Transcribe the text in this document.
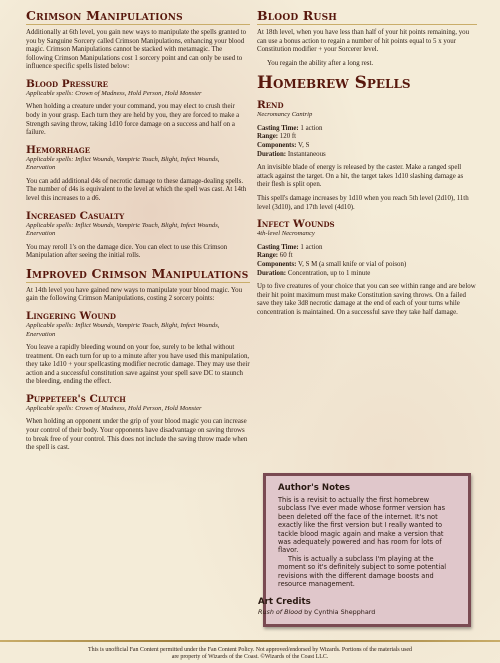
Crimson Manipulations

Additionally at 6th level, you gain new ways to manipulate the spells granted to you by Sanguine Sorcery called Crimson Manipulations, enhancing your blood magic. Crimson Manipulations cannot be stacked with metamagic. The following Crimson Manipulations cost 1 sorcery point and can only be used to influence specific spells listed below:

Blood Pressure
Applicable spells: Crown of Madness, Hold Person, Hold Monster

When holding a creature under your command, you may elect to crush their body in your grasp. Each turn they are held by you, they are forced to make a Strength saving throw, taking 1d10 force damage on a success and half on a failure.

Hemorrhage
Applicable spells: Inflict Wounds, Vampiric Touch, Blight, Infect Wounds, Enervation

You can add additional d4s of necrotic damage to these damage-dealing spells. The number of d4s is equivalent to the level at which the spell was cast. At 14th level this increases to a d6.

Increased Casualty
Applicable spells: Inflict Wounds, Vampiric Touch, Blight, Infect Wounds, Enervation

You may reroll 1's on the damage dice. You can elect to use this Crimson Manipulation after seeing the initial rolls.

Improved Crimson Manipulations

At 14th level you have gained new ways to manipulate your blood magic. You gain the following Crimson Manipulations, costing 2 sorcery points:

Lingering Wound
Applicable spells: Inflict Wounds, Vampiric Touch, Blight, Infect Wounds, Enervation

You leave a rapidly bleeding wound on your foe, surely to be lethal without treatment. On each turn for up to a minute after you have used this manipulation, they take 1d10 + your spellcasting modifier necrotic damage. They may use their action and a successful constitution save against your spell save DC to staunch the bleeding, ending the effect.

Puppeteer's Clutch
Applicable spells: Crown of Madness, Hold Person, Hold Monster

When holding an opponent under the grip of your blood magic you can increase your control of their body. Your opponents have disadvantage on saving throws to break free of your control. This does not include the saving throw made when the spell is cast.

Blood Rush

At 18th level, when you have less than half of your hit points remaining, you can use a bonus action to regain a number of hit points equal to 5 x your Constitution modifier + your Sorcerer level.

You regain the ability after a long rest.

Homebrew Spells
Rend
Necromancy Cantrip
Casting Time: 1 action
Range: 120 ft
Components: V, S
Duration: Instantaneous

An invisible blade of energy is released by the caster. Make a ranged spell attack against the target. On a hit, the target takes 1d10 slashing damage as their flesh is split open.

This spell's damage increases by 1d10 when you reach 5th level (2d10), 11th level (3d10), and 17th level (4d10).

Infect Wounds
4th-level Necromancy
Casting Time: 1 action
Range: 60 ft
Components: V, S M (a small knife or vial of poison)
Duration: Concentration, up to 1 minute

Up to five creatures of your choice that you can see within range and are below their hit point maximum must make Constitution saving throws. On a failed save they take 3d8 necrotic damage at the end of each of your turns while concentration is maintained. On a successful save they take half damage.

Author's Notes

This is a revisit to actually the first homebrew subclass I've ever made whose former version has been deleted off the face of the internet. It's not exactly like the first version but I really wanted to tackle blood magic again and make a version that was adequately powered and has room for lots of flavor.

This is actually a subclass I'm playing at the moment so it's definitely subject to some potential revisions with the different damage boosts and resource management.

Art Credits
Rush of Blood by Cynthia Shepphard
This is unofficial Fan Content permitted under the Fan Content Policy. Not approved/endorsed by Wizards. Portions of the materials used
are property of Wizards of the Coast. ©Wizards of the Coast LLC.
